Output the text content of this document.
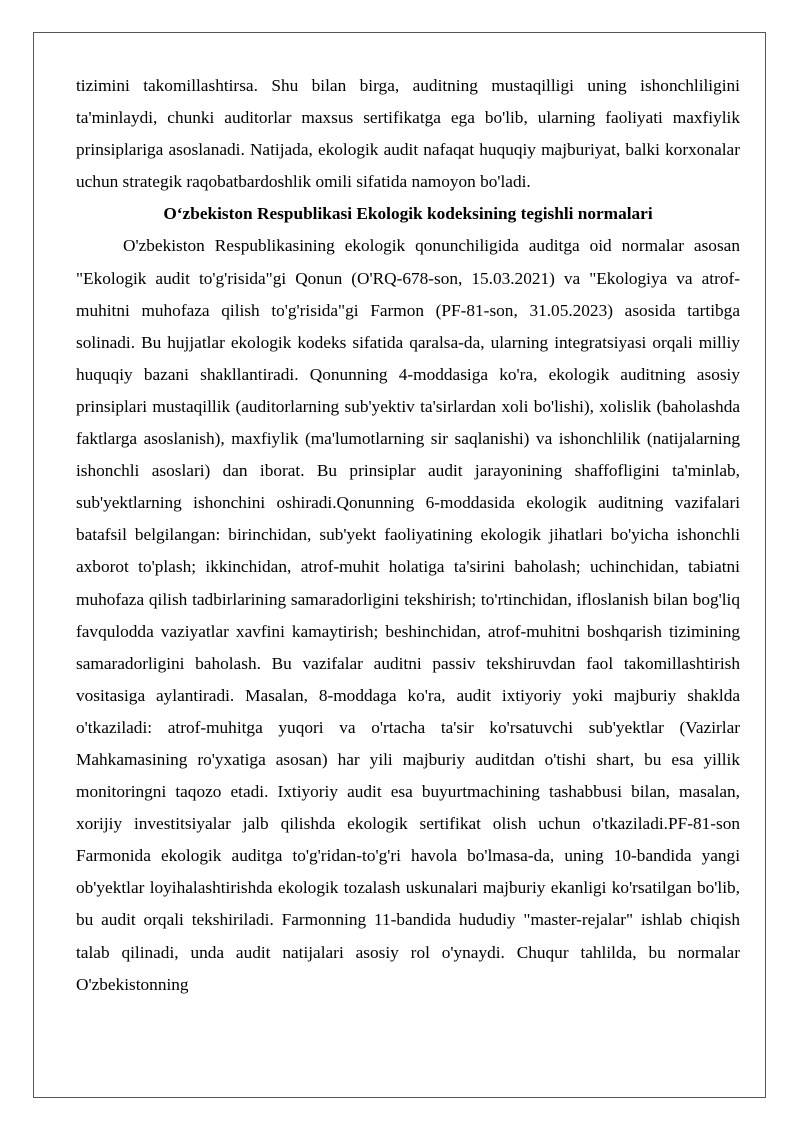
tizimini takomillashtirsa. Shu bilan birga, auditning mustaqilligi uning ishonchliligini ta'minlaydi, chunki auditorlar maxsus sertifikatga ega bo'lib, ularning faoliyati maxfiylik prinsiplariga asoslanadi. Natijada, ekologik audit nafaqat huquqiy majburiyat, balki korxonalar uchun strategik raqobatbardoshlik omili sifatida namoyon bo'ladi.

O‘zbekiston Respublikasi Ekologik kodeksining tegishli normalari

O'zbekiston Respublikasining ekologik qonunchiligida auditga oid normalar asosan "Ekologik audit to'g'risida"gi Qonun (O'RQ-678-son, 15.03.2021) va "Ekologiya va atrof-muhitni muhofaza qilish to'g'risida"gi Farmon (PF-81-son, 31.05.2023) asosida tartibga solinadi. Bu hujjatlar ekologik kodeks sifatida qaralsa-da, ularning integratsiyasi orqali milliy huquqiy bazani shakllantiradi. Qonunning 4-moddasiga ko'ra, ekologik auditning asosiy prinsiplari mustaqillik (auditorlarning sub'yektiv ta'sirlardan xoli bo'lishi), xolislik (baholashda faktlarga asoslanish), maxfiylik (ma'lumotlarning sir saqlanishi) va ishonchlilik (natijalarning ishonchli asoslari) dan iborat. Bu prinsiplar audit jarayonining shaffofligini ta'minlab, sub'yektlarning ishonchini oshiradi.Qonunning 6-moddasida ekologik auditning vazifalari batafsil belgilangan: birinchidan, sub'yekt faoliyatining ekologik jihatlari bo'yicha ishonchli axborot to'plash; ikkinchidan, atrof-muhit holatiga ta'sirini baholash; uchinchidan, tabiatni muhofaza qilish tadbirlarining samaradorligini tekshirish; to'rtinchidan, ifloslanish bilan bog'liq favqulodda vaziyatlar xavfini kamaytirish; beshinchidan, atrof-muhitni boshqarish tizimining samaradorligini baholash. Bu vazifalar auditni passiv tekshiruvdan faol takomillashtirish vositasiga aylantiradi. Masalan, 8-moddaga ko'ra, audit ixtiyoriy yoki majburiy shaklda o'tkaziladi: atrof-muhitga yuqori va o'rtacha ta'sir ko'rsatuvchi sub'yektlar (Vazirlar Mahkamasining ro'yxatiga asosan) har yili majburiy auditdan o'tishi shart, bu esa yillik monitoringni taqozo etadi. Ixtiyoriy audit esa buyurtmachining tashabbusi bilan, masalan, xorijiy investitsiyalar jalb qilishda ekologik sertifikat olish uchun o'tkaziladi.PF-81-son Farmonida ekologik auditga to'g'ridan-to'g'ri havola bo'lmasa-da, uning 10-bandida yangi ob'yektlar loyihalashtirishda ekologik tozalash uskunalari majburiy ekanligi ko'rsatilgan bo'lib, bu audit orqali tekshiriladi. Farmonning 11-bandida hududiy "master-rejalar" ishlab chiqish talab qilinadi, unda audit natijalari asosiy rol o'ynaydi. Chuqur tahlilda, bu normalar O'zbekistonning
